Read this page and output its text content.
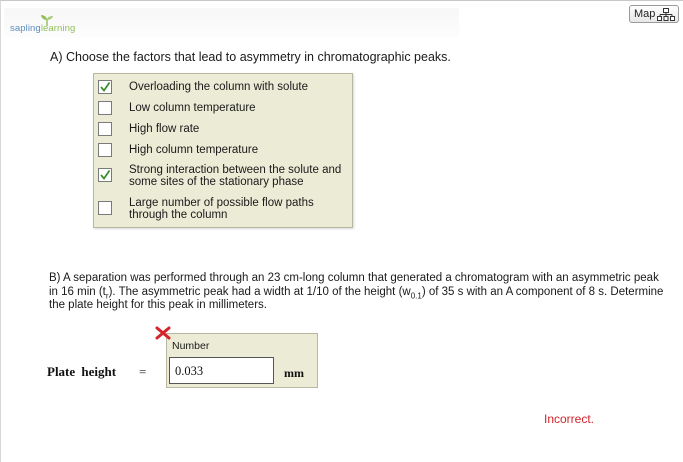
saplinglearning
Map
A) Choose the factors that lead to asymmetry in chromatographic peaks.
Overloading the column with solute
Low column temperature
High flow rate
High column temperature
Strong interaction between the solute and some sites of the stationary phase
Large number of possible flow paths through the column
B) A separation was performed through an 23 cm-long column that generated a chromatogram with an asymmetric peak in 16 $\min (t_r)$. The asymmetric peak had a width at 1/10 of the height $(w_{0.1})$ of 35 s with an A component of 8 s. Determine the plate height for this peak in millimeters.
Number
0.033
Plate height =	mm
Incorrect.
